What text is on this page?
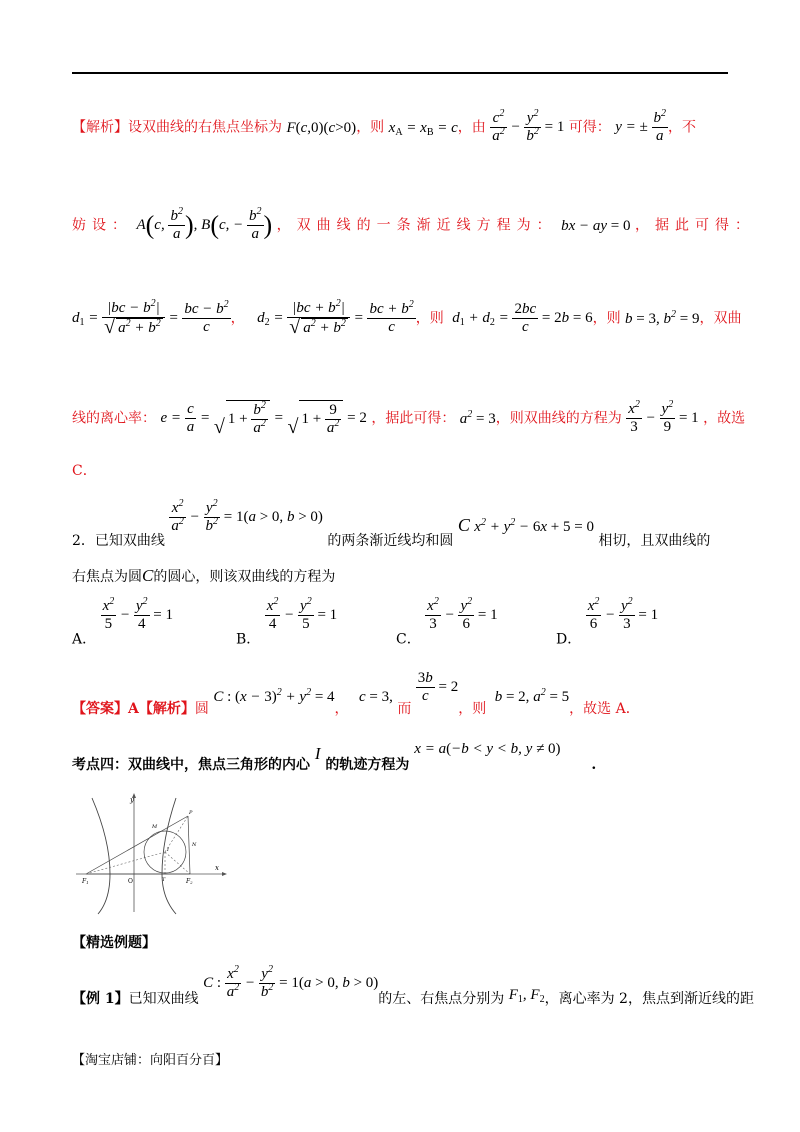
【解析】设双曲线的右焦点坐标为 F(c,0)(c>0)，则 $x_A = x_B = c$，由 $\frac{c^2}{a^2} - \frac{y^2}{b^2} = 1$ 可得： y = ± $\frac{b^2}{a}$ ，不
妨设： A(c, $\frac{b^2}{a}$ ), B(c, − $\frac{b^2}{a}$ ) ，双曲线的一条渐近线方程为： bx − ay = 0 ，据此可得：
$d_1 = \frac{|bc - b^2|}{√ a^2 + b^2} = \frac{bc - b^2}{c}$ ， $d_2 = \frac{|bc + b^2|}{√ a^2 + b^2} = \frac{bc + b^2}{c}$ ，则 $d_1 + d_2 = \frac{2bc}{c} = 2b = 6$，则 b = 3, $b^2 = 9$，双曲
线的离心率： $e = \frac{c}{a}$ = √ $1 + \frac{b^2}{a^2}$ = √ $1 + \frac{9}{a^2} = 2$ ，据此可得： $a^2 = 3$，则双曲线的方程为 $\frac{x^2}{3} - \frac{y^2}{9} = 1$ ，故选
C．
2．已知双曲线
$\frac{x^2}{a^2} - \frac{y^2}{b^2} = 1(a > 0$, b > 0) 的两条渐近线均和圆 C $x^2 + y^2 - 6x + 5 = 0$ 相切，且双曲线的
右焦点为圆C的圆心，则该双曲线的方程为
A．
$\frac{x^2}{5} - \frac{y^2}{4} = 1$
B．
$\frac{x^2}{4} - \frac{y^2}{5} = 1$
C．
$\frac{x^2}{3} - \frac{y^2}{6} = 1$
D．
$\frac{x^2}{6} - \frac{y^2}{3} = 1$
【答案】A【解析】圆 C : $(x - 3)^2 + y^2 = 4$， c = 3, 而
$\frac{3b}{c} = 2$，则 b = 2, $a^2 = 5$，故选 A．
考点四：双曲线中，焦点三角形的内心 I 的轨迹方程为 x = a(−b < y < b, y ≠ 0) .
y
x
O
F1	F2
M
P
N
I
T
【精选例题】
【例 1】已知双曲线 C : $\frac{x^2}{a^2} - \frac{y^2}{b^2} = 1(a > 0$, b > 0)的左、右焦点分别为 $F_1$, $F_2$，离心率为 2，焦点到渐近线的距
【淘宝店铺：向阳百分百】
